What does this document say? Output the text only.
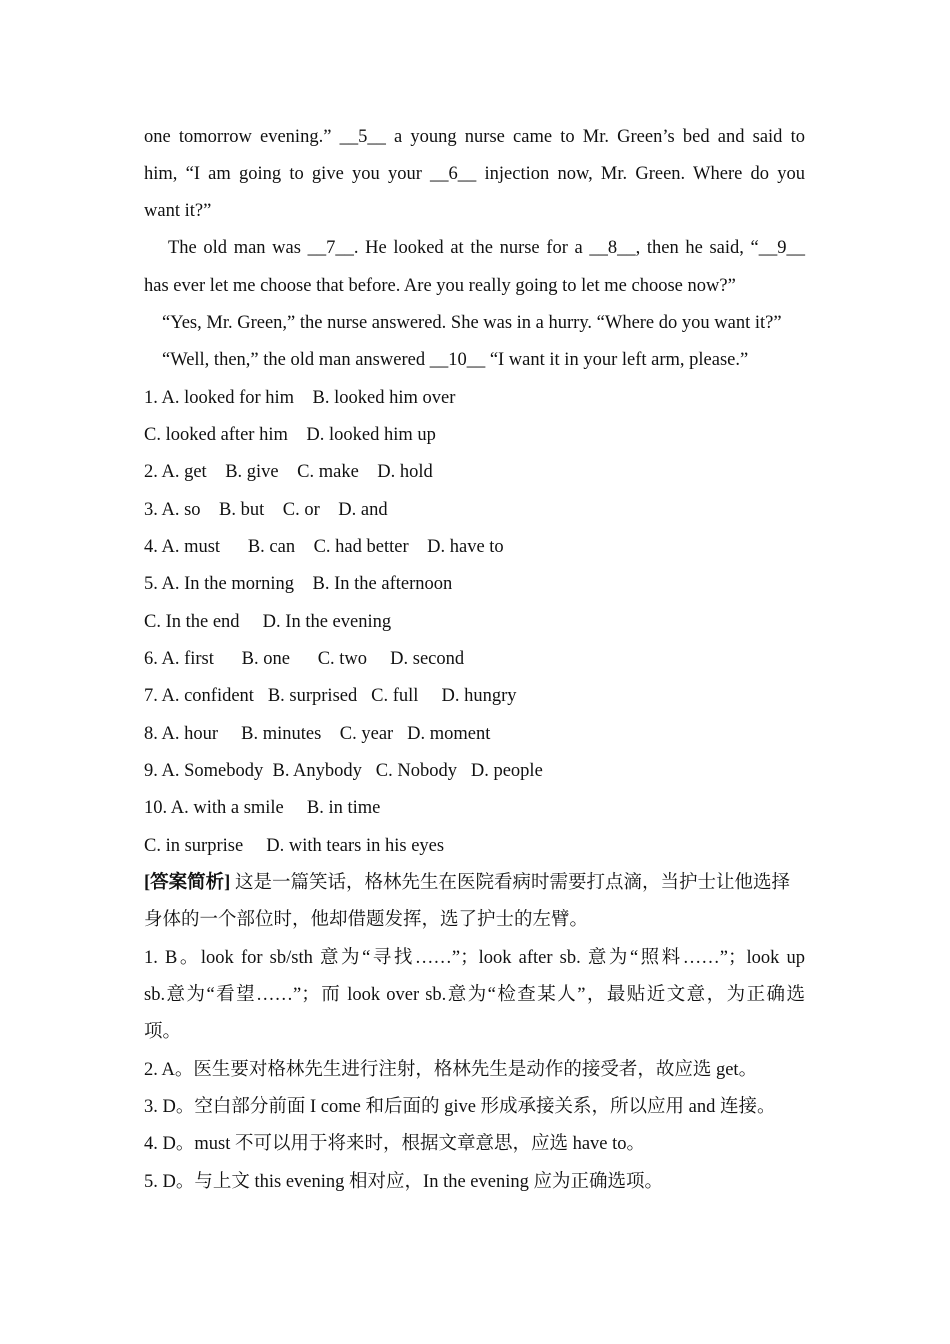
one tomorrow evening.” __5__ a young nurse came to Mr. Green’s bed and said to
him, “I am going to give you your __6__ injection now, Mr. Green. Where do you
want it?”
The old man was __7__. He looked at the nurse for a __8__, then he said, “__9__
has ever let me choose that before. Are you really going to let me choose now?”
“Yes, Mr. Green,” the nurse answered. She was in a hurry. “Where do you want it?”
“Well, then,” the old man answered __10__ “I want it in your left arm, please.”
1. A. looked for him    B. looked him over
C. looked after him    D. looked him up
2. A. get    B. give    C. make    D. hold
3. A. so    B. but    C. or    D. and
4. A. must      B. can    C. had better    D. have to
5. A. In the morning    B. In the afternoon
C. In the end     D. In the evening
6. A. first      B. one      C. two     D. second
7. A. confident   B. surprised   C. full     D. hungry
8. A. hour     B. minutes    C. year   D. moment
9. A. Somebody  B. Anybody   C. Nobody   D. people
10. A. with a smile     B. in time
C. in surprise     D. with tears in his eyes
[答案简析] 这是一篇笑话，格林先生在医院看病时需要打点滴，当护士让他选择
身体的一个部位时，他却借题发挥，选了护士的左臂。
1. B。look for sb/sth 意为“寻找……”；look after sb. 意为“照料……”；look up
sb.意为“看望……”；而 look over sb.意为“检查某人”，最贴近文意，为正确选
项。
2. A。医生要对格林先生进行注射，格林先生是动作的接受者，故应选 get。
3. D。空白部分前面 I come 和后面的 give 形成承接关系，所以应用 and 连接。
4. D。must 不可以用于将来时，根据文章意思，应选 have to。
5. D。与上文 this evening 相对应，In the evening 应为正确选项。
